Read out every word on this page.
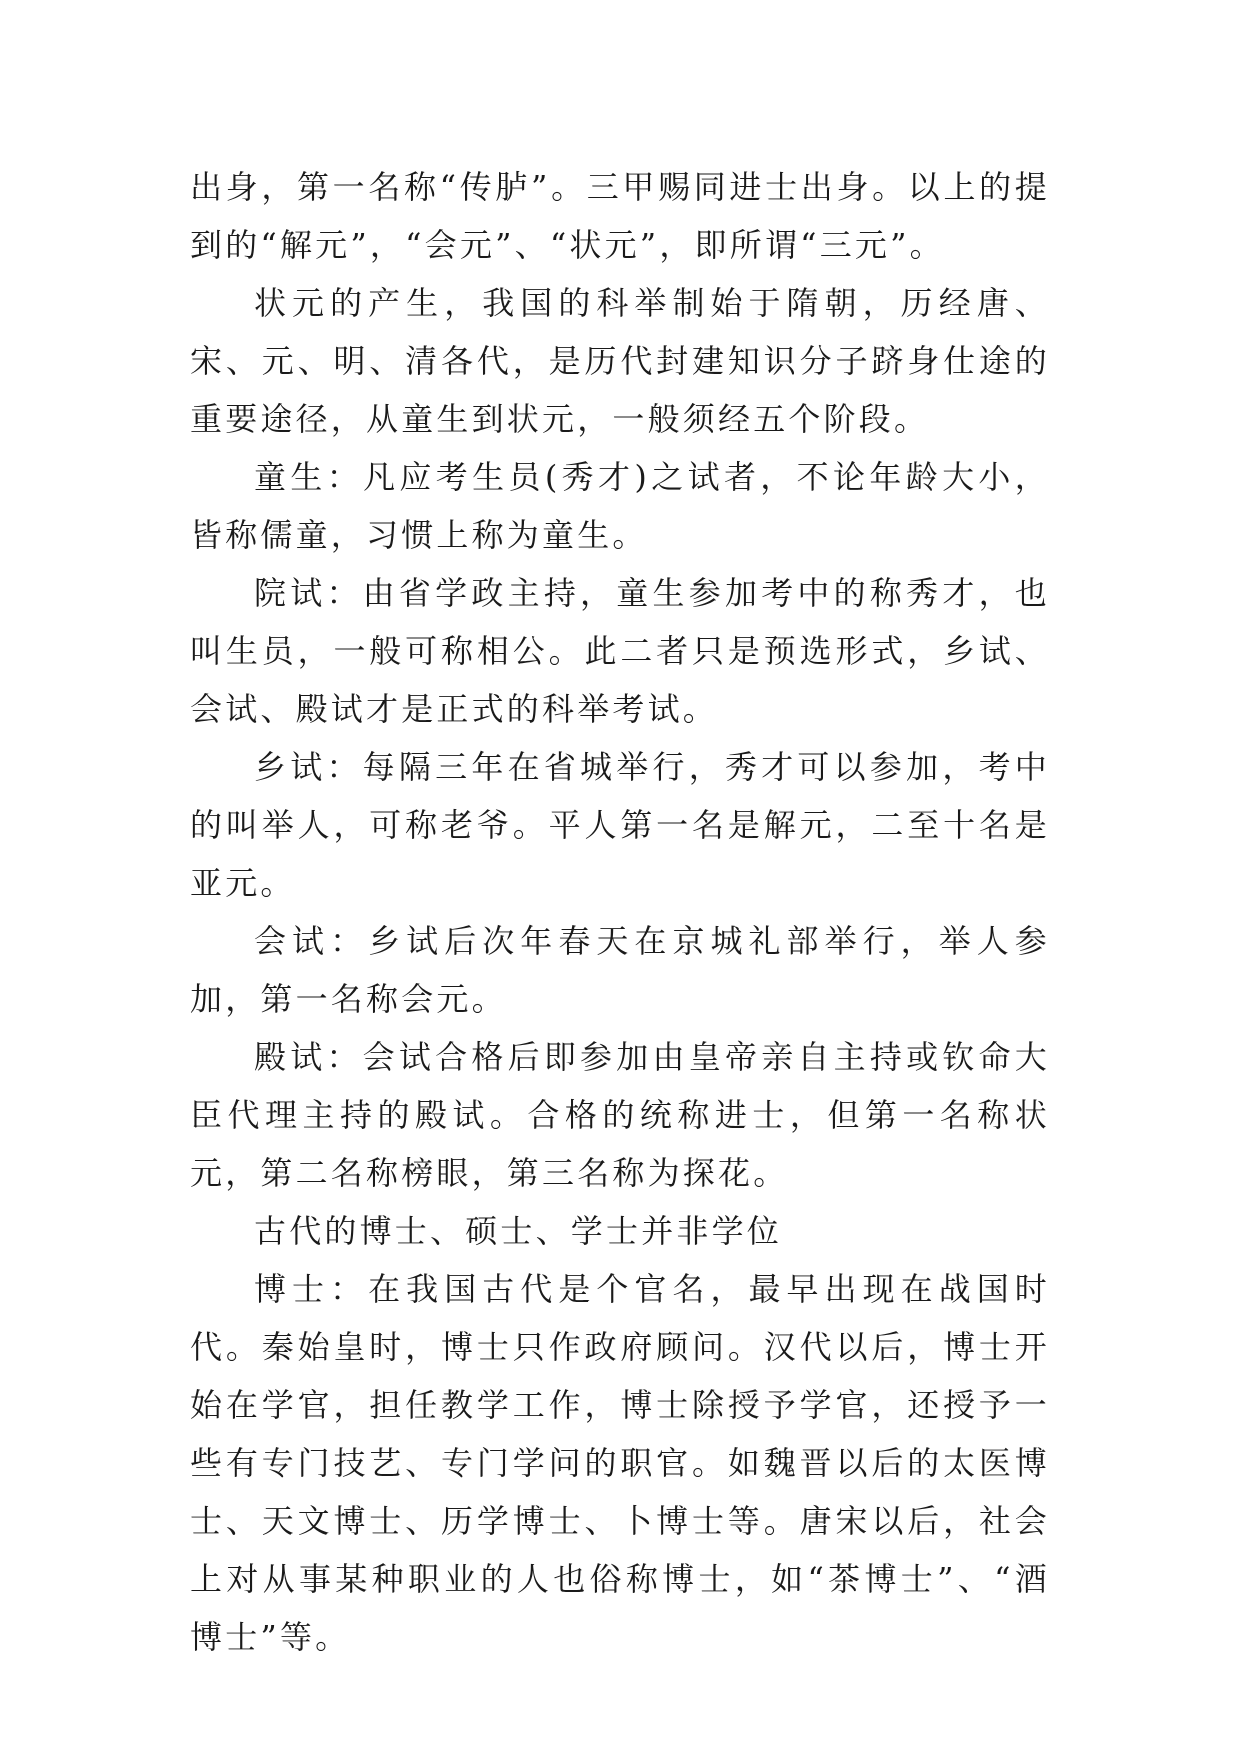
出身，第一名称“传胪”。三甲赐同进士出身。以上的提到的“解元”，“会元”、“状元”，即所谓“三元”。

状元的产生，我国的科举制始于隋朝，历经唐、宋、元、明、清各代，是历代封建知识分子跻身仕途的重要途径，从童生到状元，一般须经五个阶段。

童生：凡应考生员(秀才)之试者，不论年龄大小，皆称儒童，习惯上称为童生。

院试：由省学政主持，童生参加考中的称秀才，也叫生员，一般可称相公。此二者只是预选形式，乡试、会试、殿试才是正式的科举考试。

乡试：每隔三年在省城举行，秀才可以参加，考中的叫举人，可称老爷。平人第一名是解元，二至十名是亚元。

会试：乡试后次年春天在京城礼部举行，举人参加，第一名称会元。

殿试：会试合格后即参加由皇帝亲自主持或钦命大臣代理主持的殿试。合格的统称进士，但第一名称状元，第二名称榜眼，第三名称为探花。

古代的博士、硕士、学士并非学位

博士：在我国古代是个官名，最早出现在战国时代。秦始皇时，博士只作政府顾问。汉代以后，博士开始在学官，担任教学工作，博士除授予学官，还授予一些有专门技艺、专门学问的职官。如魏晋以后的太医博士、天文博士、历学博士、卜博士等。唐宋以后，社会上对从事某种职业的人也俗称博士，如“茶博士”、“酒博士”等。
